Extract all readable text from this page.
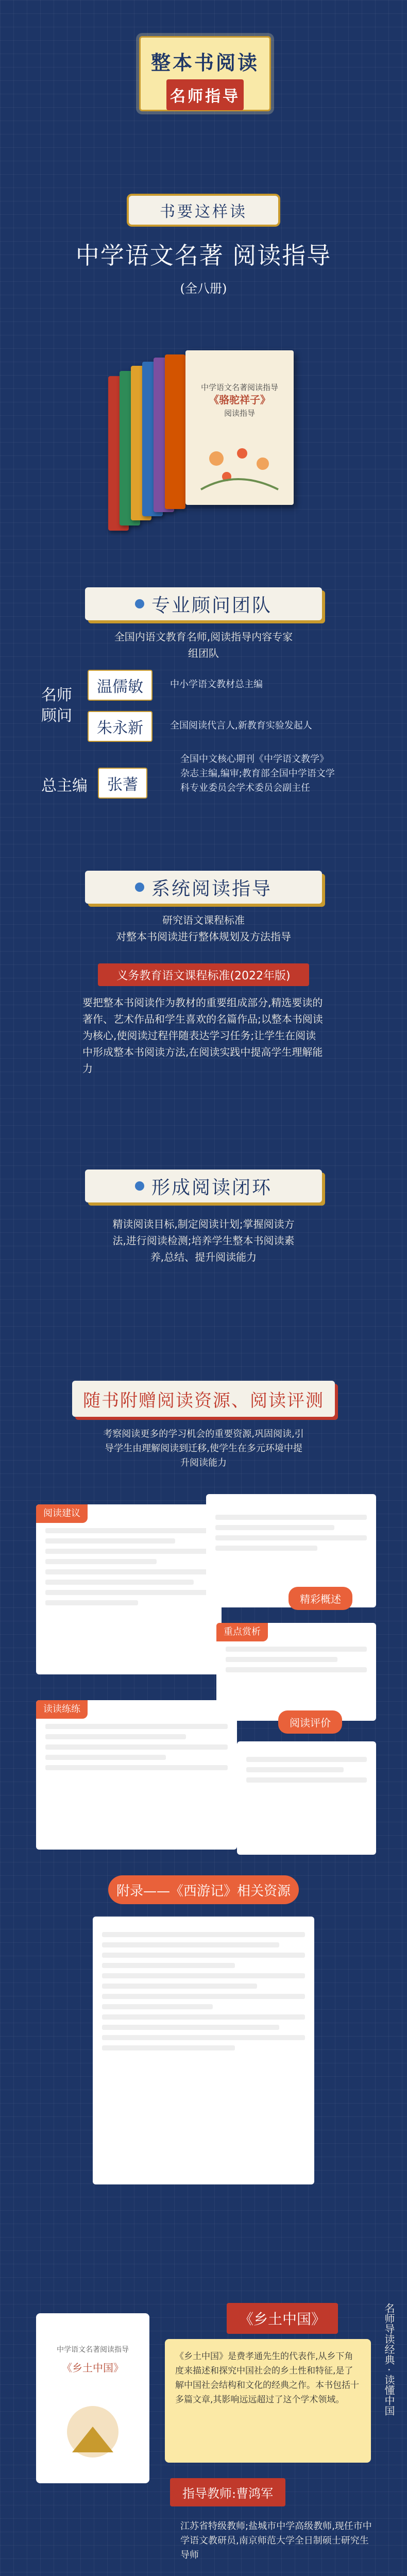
整本书阅读
名师指导
书要这样读
中学语文名著 阅读指导
(全八册)
中学语文名著阅读指导
《骆驼祥子》
阅读指导
专业顾问团队
全国内语文教育名师,阅读指导内容专家组团队
名师顾问
温儒敏	中小学语文教材总主编
朱永新	全国阅读代言人,新教育实验发起人
总主编	张蓍
全国中文核心期刊《中学语文教学》杂志主编,编审;教育部全国中学语文学科专业委员会学术委员会副主任
系统阅读指导
研究语文课程标准
对整本书阅读进行整体规划及方法指导
义务教育语文课程标准(2022年版)
要把整本书阅读作为教材的重要组成部分,精选要读的著作、艺术作品和学生喜欢的名篇作品;以整本书阅读为核心,使阅读过程伴随表达学习任务;让学生在阅读中形成整本书阅读方法,在阅读实践中提高学生理解能力
形成阅读闭环
精读阅读目标,制定阅读计划;掌握阅读方法,进行阅读检测;培养学生整本书阅读素养,总结、提升阅读能力
随书附赠阅读资源、阅读评测
考察阅读更多的学习机会的重要资源,巩固阅读,引导学生由理解阅读到迁移,使学生在多元环境中提升阅读能力
阅读建议
精彩概述
重点赏析
阅读评价
读读练练
附录——《西游记》相关资源
中学语文名著阅读指导
《乡土中国》
《乡土中国》
《乡土中国》是费孝通先生的代表作,从乡下角度来描述和探究中国社会的乡土性和特征,是了解中国社会结构和文化的经典之作。本书包括十多篇文章,其影响远远超过了这个学术领域。	名师导读经典 · 读懂中国
指导教师:曹鸿军
江苏省特级教师;盐城市中学高级教师,现任市中学语文教研员,南京师范大学全日制硕士研究生导师
